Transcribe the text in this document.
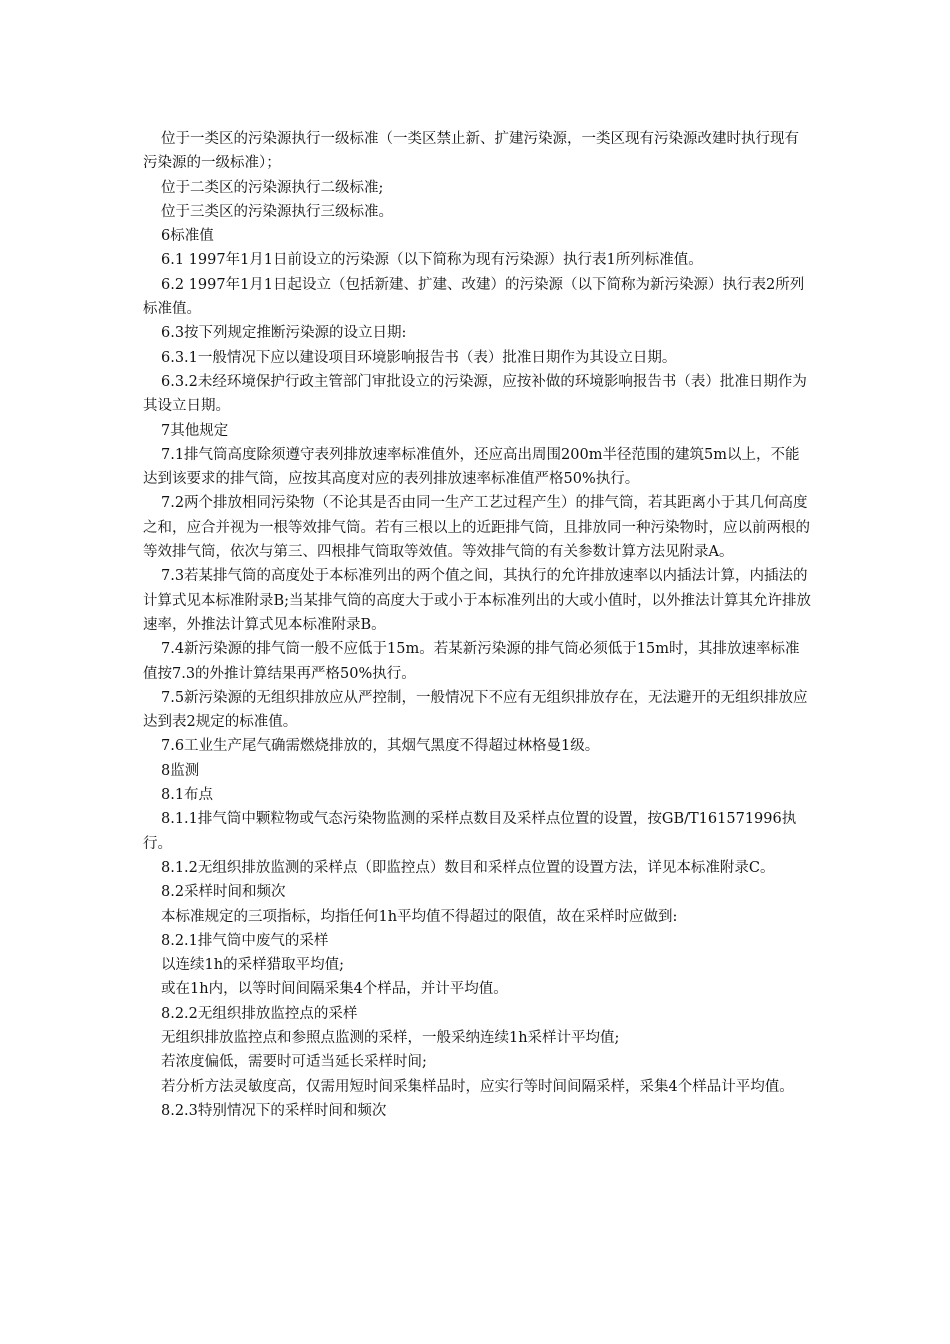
位于一类区的污染源执行一级标准（一类区禁止新、扩建污染源，一类区现有污染源改建时执行现有污染源的一级标准）；

位于二类区的污染源执行二级标准;

位于三类区的污染源执行三级标准。

6标准值

6.1 1997年1月1日前设立的污染源（以下简称为现有污染源）执行表1所列标准值。

6.2 1997年1月1日起设立（包括新建、扩建、改建）的污染源（以下简称为新污染源）执行表2所列标准值。

6.3按下列规定推断污染源的设立日期:

6.3.1一般情况下应以建设项目环境影响报告书（表）批准日期作为其设立日期。

6.3.2未经环境保护行政主管部门审批设立的污染源，应按补做的环境影响报告书（表）批准日期作为其设立日期。

7其他规定

7.1排气筒高度除须遵守表列排放速率标准值外，还应高出周围200m半径范围的建筑5m以上，不能达到该要求的排气筒，应按其高度对应的表列排放速率标准值严格50%执行。

7.2两个排放相同污染物（不论其是否由同一生产工艺过程产生）的排气筒，若其距离小于其几何高度之和，应合并视为一根等效排气筒。若有三根以上的近距排气筒，且排放同一种污染物时，应以前两根的等效排气筒，依次与第三、四根排气筒取等效值。等效排气筒的有关参数计算方法见附录A。

7.3若某排气筒的高度处于本标准列出的两个值之间，其执行的允许排放速率以内插法计算，内插法的计算式见本标准附录B;当某排气筒的高度大于或小于本标准列出的大或小值时，以外推法计算其允许排放速率，外推法计算式见本标准附录B。

7.4新污染源的排气筒一般不应低于15m。若某新污染源的排气筒必须低于15m时，其排放速率标准值按7.3的外推计算结果再严格50%执行。

7.5新污染源的无组织排放应从严控制，一般情况下不应有无组织排放存在，无法避开的无组织排放应达到表2规定的标准值。

7.6工业生产尾气确需燃烧排放的，其烟气黑度不得超过林格曼1级。

8监测

8.1布点

8.1.1排气筒中颗粒物或气态污染物监测的采样点数目及采样点位置的设置，按GB/T161571996执行。

8.1.2无组织排放监测的采样点（即监控点）数目和采样点位置的设置方法，详见本标准附录C。

8.2采样时间和频次

本标准规定的三项指标，均指任何1h平均值不得超过的限值，故在采样时应做到:

8.2.1排气筒中废气的采样

以连续1h的采样猎取平均值;

或在1h内，以等时间间隔采集4个样品，并计平均值。

8.2.2无组织排放监控点的采样

无组织排放监控点和参照点监测的采样，一般采纳连续1h采样计平均值;

若浓度偏低，需要时可适当延长采样时间;

若分析方法灵敏度高，仅需用短时间采集样品时，应实行等时间间隔采样，采集4个样品计平均值。

8.2.3特别情况下的采样时间和频次
